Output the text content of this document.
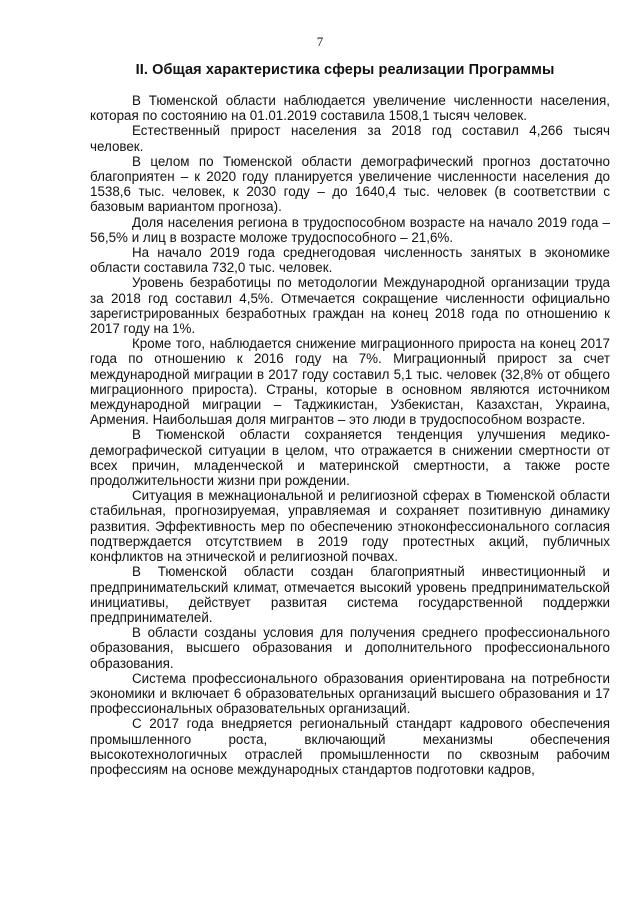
7
II. Общая характеристика сферы реализации Программы

В Тюменской области наблюдается увеличение численности населения, которая по состоянию на 01.01.2019 составила 1508,1 тысяч человек.

Естественный прирост населения за 2018 год составил 4,266 тысяч человек.

В целом по Тюменской области демографический прогноз достаточно благоприятен – к 2020 году планируется увеличение численности населения до 1538,6 тыс. человек, к 2030 году – до 1640,4 тыс. человек (в соответствии с базовым вариантом прогноза).

Доля населения региона в трудоспособном возрасте на начало 2019 года – 56,5% и лиц в возрасте моложе трудоспособного – 21,6%.

На начало 2019 года среднегодовая численность занятых в экономике области составила 732,0 тыс. человек.

Уровень безработицы по методологии Международной организации труда за 2018 год составил 4,5%. Отмечается сокращение численности официально зарегистрированных безработных граждан на конец 2018 года по отношению к 2017 году на 1%.

Кроме того, наблюдается снижение миграционного прироста на конец 2017 года по отношению к 2016 году на 7%. Миграционный прирост за счет международной миграции в 2017 году составил 5,1 тыс. человек (32,8% от общего миграционного прироста). Страны, которые в основном являются источником международной миграции – Таджикистан, Узбекистан, Казахстан, Украина, Армения. Наибольшая доля мигрантов – это люди в трудоспособном возрасте.

В Тюменской области сохраняется тенденция улучшения медико-демографической ситуации в целом, что отражается в снижении смертности от всех причин, младенческой и материнской смертности, а также росте продолжительности жизни при рождении.

Ситуация в межнациональной и религиозной сферах в Тюменской области стабильная, прогнозируемая, управляемая и сохраняет позитивную динамику развития. Эффективность мер по обеспечению этноконфессионального согласия подтверждается отсутствием в 2019 году протестных акций, публичных конфликтов на этнической и религиозной почвах.

В Тюменской области создан благоприятный инвестиционный и предпринимательский климат, отмечается высокий уровень предпринимательской инициативы, действует развитая система государственной поддержки предпринимателей.

В области созданы условия для получения среднего профессионального образования, высшего образования и дополнительного профессионального образования.

Система профессионального образования ориентирована на потребности экономики и включает 6 образовательных организаций высшего образования и 17 профессиональных образовательных организаций.

С 2017 года внедряется региональный стандарт кадрового обеспечения промышленного роста, включающий механизмы обеспечения высокотехнологичных отраслей промышленности по сквозным рабочим профессиям на основе международных стандартов подготовки кадров,
